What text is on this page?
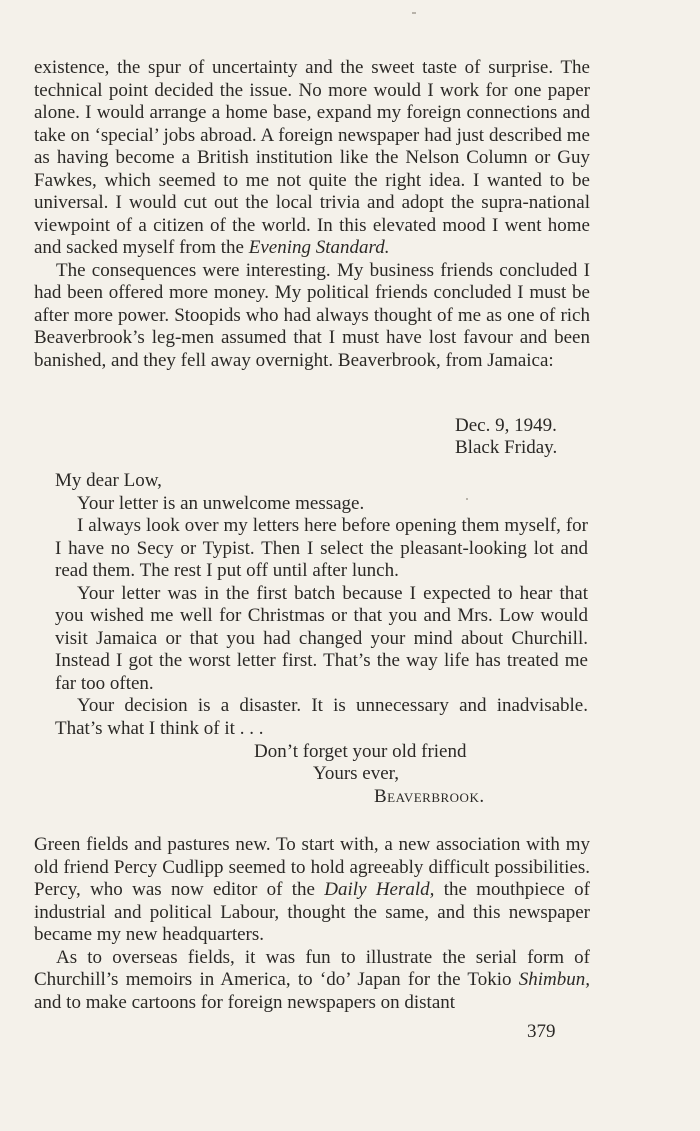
existence, the spur of uncertainty and the sweet taste of surprise. The technical point decided the issue. No more would I work for one paper alone. I would arrange a home base, expand my foreign connections and take on ‘special’ jobs abroad. A foreign newspaper had just described me as having become a British institution like the Nelson Column or Guy Fawkes, which seemed to me not quite the right idea. I wanted to be universal. I would cut out the local trivia and adopt the supra-national viewpoint of a citizen of the world. In this elevated mood I went home and sacked myself from the Evening Standard.

The consequences were interesting. My business friends concluded I had been offered more money. My political friends concluded I must be after more power. Stoopids who had always thought of me as one of rich Beaverbrook’s leg-men assumed that I must have lost favour and been banished, and they fell away overnight. Beaverbrook, from Jamaica:

Dec. 9, 1949.
Black Friday.

My dear Low,

Your letter is an unwelcome message.

I always look over my letters here before opening them myself, for I have no Secy or Typist. Then I select the pleasant-looking lot and read them. The rest I put off until after lunch.

Your letter was in the first batch because I expected to hear that you wished me well for Christmas or that you and Mrs. Low would visit Jamaica or that you had changed your mind about Churchill. Instead I got the worst letter first. That’s the way life has treated me far too often.

Your decision is a disaster. It is unnecessary and inadvisable. That’s what I think of it . . .

Don’t forget your old friend
Yours ever,
Beaverbrook.

Green fields and pastures new. To start with, a new association with my old friend Percy Cudlipp seemed to hold agreeably difficult possibilities. Percy, who was now editor of the Daily Herald, the mouthpiece of industrial and political Labour, thought the same, and this newspaper became my new headquarters.

As to overseas fields, it was fun to illustrate the serial form of Churchill’s memoirs in America, to ‘do’ Japan for the Tokio Shimbun, and to make cartoons for foreign newspapers on distant

379
